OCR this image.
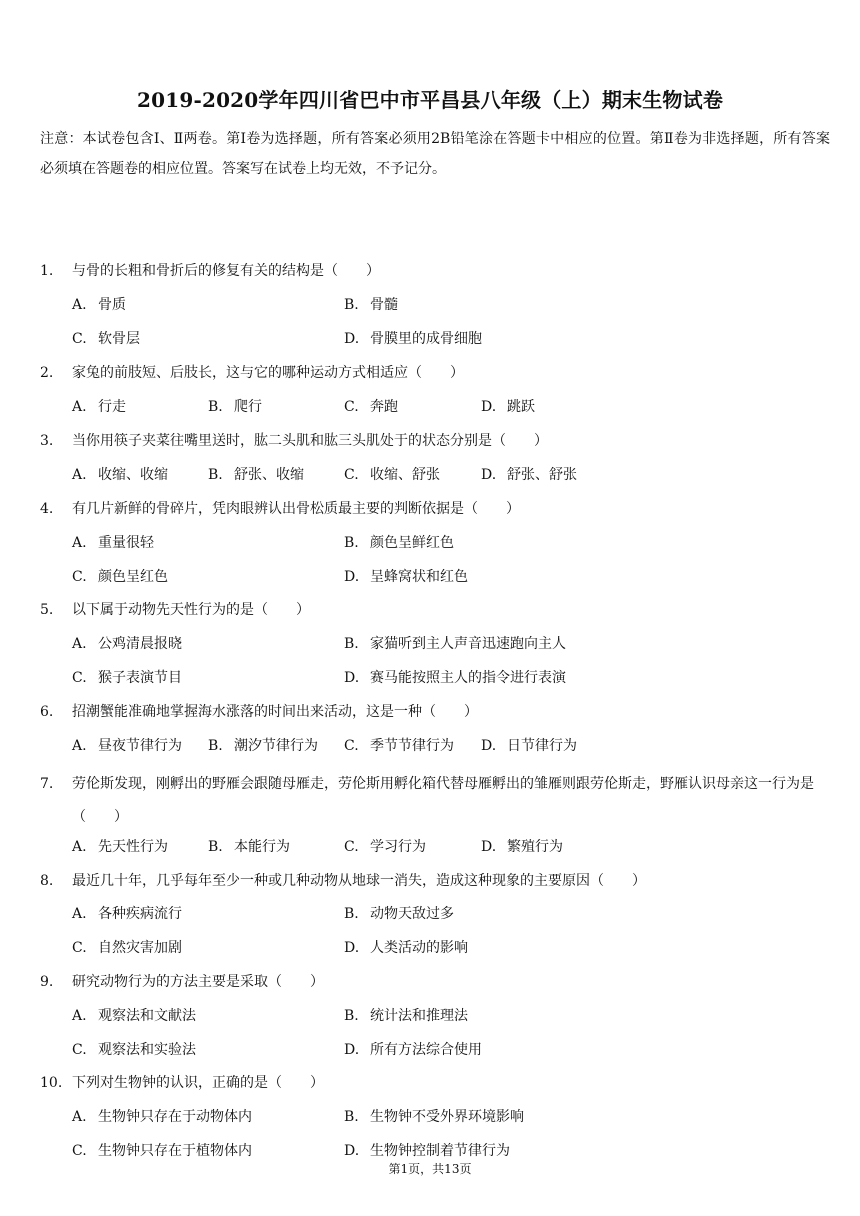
2019-2020学年四川省巴中市平昌县八年级（上）期末生物试卷
注意：本试卷包含Ⅰ、Ⅱ两卷。第Ⅰ卷为选择题，所有答案必须用2B铅笔涂在答题卡中相应的位置。第Ⅱ卷为非选择题，所有答案必须填在答题卷的相应位置。答案写在试卷上均无效，不予记分。
1. 与骨的长粗和骨折后的修复有关的结构是（　　）
A. 骨质	B. 骨髓
C. 软骨层	D. 骨膜里的成骨细胞
2. 家兔的前肢短、后肢长，这与它的哪种运动方式相适应（　　）
A. 行走	B. 爬行	C. 奔跑	D. 跳跃
3. 当你用筷子夹菜往嘴里送时，肱二头肌和肱三头肌处于的状态分别是（　　）
A. 收缩、收缩	B. 舒张、收缩	C. 收缩、舒张	D. 舒张、舒张
4. 有几片新鲜的骨碎片，凭肉眼辨认出骨松质最主要的判断依据是（　　）
A. 重量很轻	B. 颜色呈鲜红色
C. 颜色呈红色	D. 呈蜂窝状和红色
5. 以下属于动物先天性行为的是（　　）
A. 公鸡清晨报晓	B. 家猫听到主人声音迅速跑向主人
C. 猴子表演节目	D. 赛马能按照主人的指令进行表演
6. 招潮蟹能准确地掌握海水涨落的时间出来活动，这是一种（　　）
A. 昼夜节律行为 B. 潮汐节律行为 C. 季节节律行为 D. 日节律行为
7. 劳伦斯发现，刚孵出的野雁会跟随母雁走，劳伦斯用孵化箱代替母雁孵出的雏雁则跟劳伦斯走，野雁认识母亲这一行为是（　　）
A. 先天性行为	B. 本能行为	C. 学习行为	D. 繁殖行为
8. 最近几十年，几乎每年至少一种或几种动物从地球一消失，造成这种现象的主要原因（　　）
A. 各种疾病流行	B. 动物天敌过多
C. 自然灾害加剧	D. 人类活动的影响
9. 研究动物行为的方法主要是采取（　　）
A. 观察法和文献法	B. 统计法和推理法
C. 观察法和实验法	D. 所有方法综合使用
10. 下列对生物钟的认识，正确的是（　　）
A. 生物钟只存在于动物体内	B. 生物钟不受外界环境影响
C. 生物钟只存在于植物体内	D. 生物钟控制着节律行为
第1页，共13页
